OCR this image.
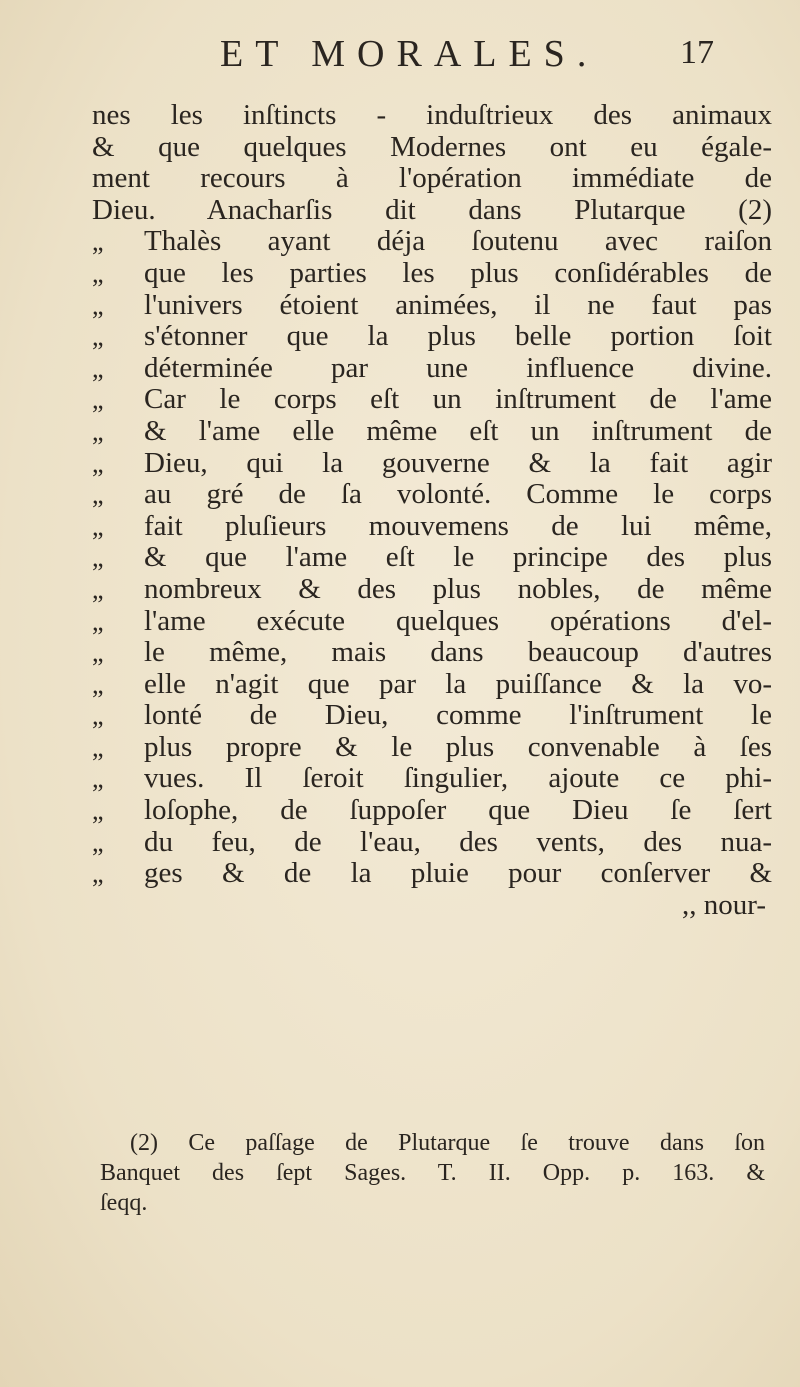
ET MORALES. 17
nes les inſtincts - induſtrieux des animaux
& que quelques Modernes ont eu égale-
ment recours à l'opération immédiate de
Dieu. Anacharſis dit dans Plutarque (2)
„	Thalès ayant déja ſoutenu avec raiſon
„	que les parties les plus conſidérables de
„	l'univers étoient animées, il ne faut pas
„	s'étonner que la plus belle portion ſoit
„	déterminée par une influence divine.
„	Car le corps eſt un inſtrument de l'ame
„	& l'ame elle même eſt un inſtrument de
„	Dieu, qui la gouverne & la fait agir
„	au gré de ſa volonté. Comme le corps
„	fait pluſieurs mouvemens de lui même,
„	& que l'ame eſt le principe des plus
„	nombreux & des plus nobles, de même
„	l'ame exécute quelques opérations d'el-
„	le même, mais dans beaucoup d'autres
„	elle n'agit que par la puiſſance & la vo-
„	lonté de Dieu, comme l'inſtrument le
„	plus propre & le plus convenable à ſes
„	vues. Il ſeroit ſingulier, ajoute ce phi-
„	loſophe, de ſuppoſer que Dieu ſe ſert
„	du feu, de l'eau, des vents, des nua-
„	ges & de la pluie pour conſerver &
,, nour-
(2) Ce paſſage de Plutarque ſe trouve dans ſon
Banquet des ſept Sages. T. II. Opp. p. 163. &
ſeqq.
